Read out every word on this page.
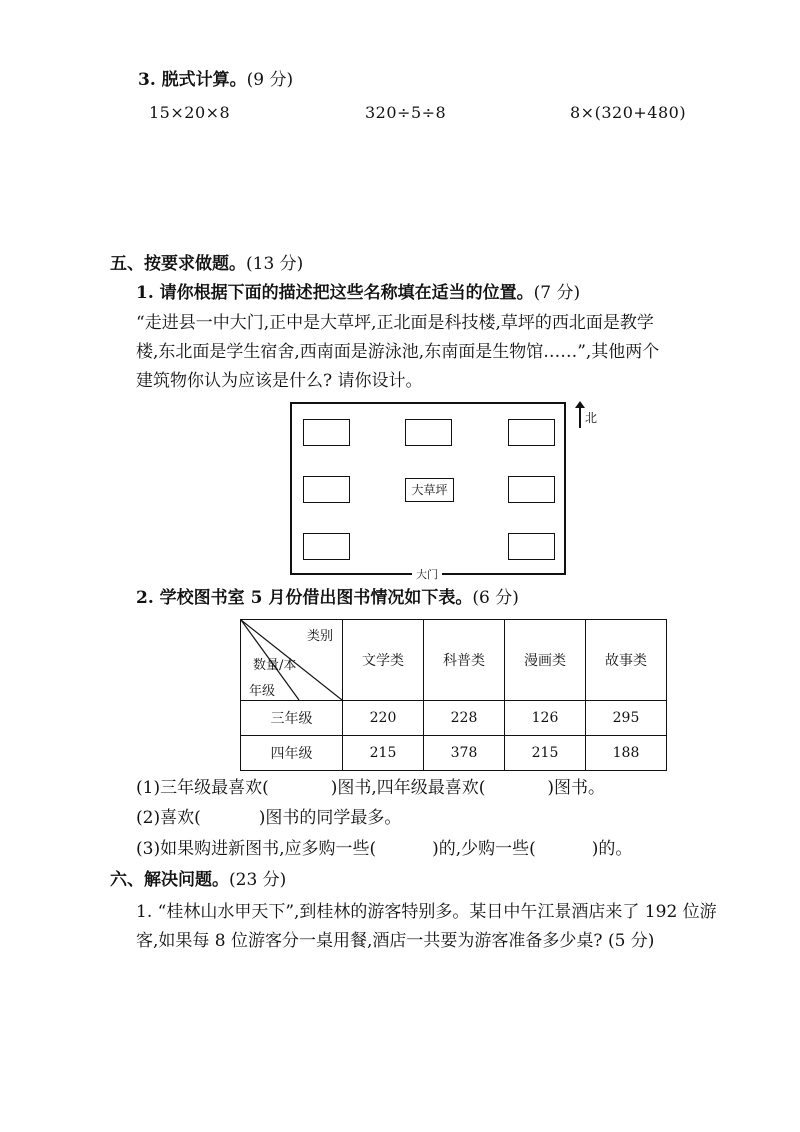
3. 脱式计算。(9 分)
15×20×8	320÷5÷8	8×(320+480)
五、按要求做题。(13 分)
1. 请你根据下面的描述把这些名称填在适当的位置。(7 分)
“走进县一中大门,正中是大草坪,正北面是科技楼,草坪的西北面是教学
楼,东北面是学生宿舍,西南面是游泳池,东南面是生物馆……”,其他两个
建筑物你认为应该是什么? 请你设计。
大草坪
大门
北
2. 学校图书室 5 月份借出图书情况如下表。(6 分)
类别
数量/本
年级	文学类	科普类	漫画类	故事类
三年级	220	228	126	295
四年级	215	378	215	188
(1)三年级最喜欢(	)图书,四年级最喜欢(	)图书。
(2)喜欢(	)图书的同学最多。
(3)如果购进新图书,应多购一些(	)的,少购一些(	)的。
六、解决问题。(23 分)
1. “桂林山水甲天下”,到桂林的游客特别多。某日中午江景酒店来了 192 位游
客,如果每 8 位游客分一桌用餐,酒店一共要为游客准备多少桌? (5 分)
